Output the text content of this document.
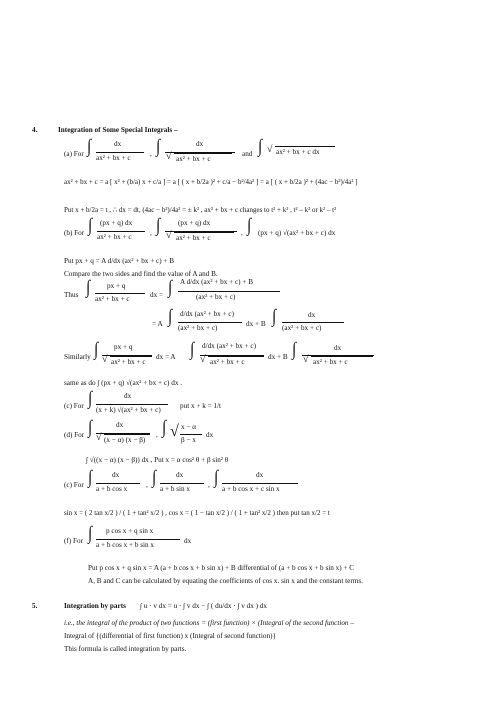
4.	Integration of Some Special Integrals –
(a) For ∫	dx
ax² + bx + c	, ∫	dx
√ ax² + bx + c
and ∫ √ ax² + bx + c dx
ax² + bx + c = a [ x² + (b/a) x + c/a ] = a [ ( x + b/2a )² + c/a − b²/4a² ] = a [ ( x + b/2a )² + (4ac − b²)/4a² ]
Put x + b/2a = t , ∴ dx = dt, (4ac − b²)/4a² = ± k² , ax² + bx + c changes to t² + k² , t² – k² or k² – t²
(b) For ∫ (px + q) dx
ax² + bx + c	, ∫ (px + q) dx
√ ax² + bx + c
, ∫ (px + q) √(ax² + bx + c) dx
Put px + q = A d/dx (ax² + bx + c) + B
Compare the two sides and find the value of A and B.
Thus ∫ px + q
ax² + bx + c	dx = ∫ A d/dx (ax² + bx + c) + B
(ax² + bx + c)
= A ∫ d/dx (ax² + bx + c)
(ax² + bx + c)	dx + B ∫	dx
(ax² + bx + c)
Similarly ∫ px + q
√ ax² + bx + c
dx = A ∫ d/dx (ax² + bx + c)
√ ax² + bx + c
dx + B ∫	dx
√ ax² + bx + c
same as do ∫ (px + q) √(ax² + bx + c) dx .
(c) For ∫	dx
(x + k) √(ax² + bx + c)	put x + k = 1/t
(d) For ∫	dx
√ (x − α) (x − β)
, ∫ √ x − α
β − x
dx
∫ √((x − α) (x − β)) dx , Put x = α cos² θ + β sin² θ
(c) For ∫	dx
a + b cos x	, ∫	dx
a + b sin x , ∫	dx
a + b cos x + c sin x
sin x = ( 2 tan x/2 ) / ( 1 + tan² x/2 ) , cos x = ( 1 − tan x/2 ) / ( 1 + tan² x/2 ) then put tan x/2 = t
(f) For ∫ p cos x + q sin x
a + b cos x + b sin x	dx
Put p cos x + q sin x = A (a + b cos x + b sin x) + B differential of (a + b cos x + b sin x) + C
A, B and C can be calculated by equating the coefficients of cos x. sin x and the constant terms.
5.	Integration by parts ∫ u · v dx = u · ∫ v dx − ∫ ( du/dx · ∫ v dx ) dx
i.e., the integral of the product of two functions = (first function) × (Integral of the second function –
Integral of {(differential of first function) x (Integral of second function)}
This formula is called integration by parts.
